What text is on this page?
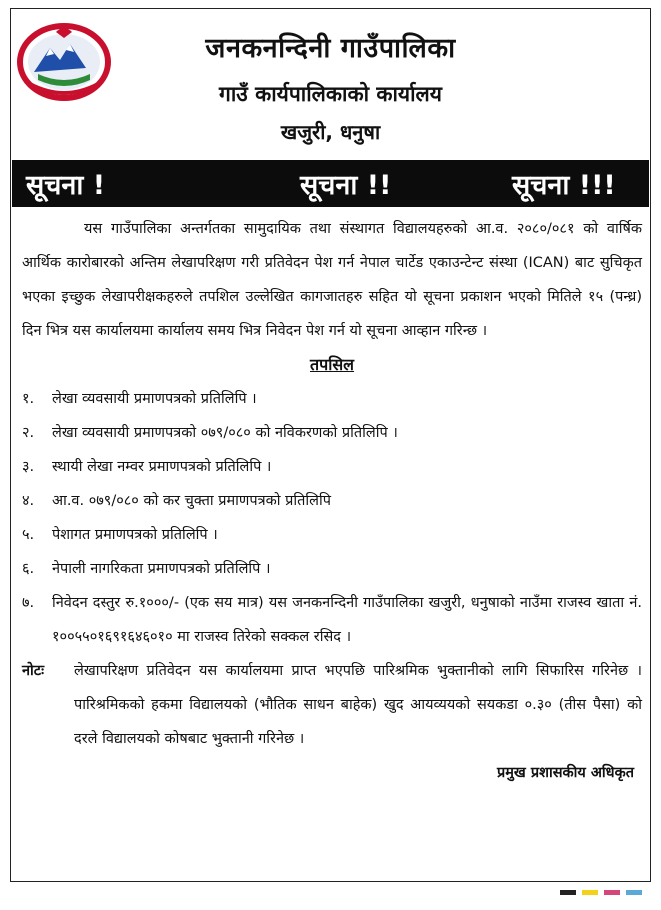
जनकनन्दिनी गाउँपालिका
गाउँ कार्यपालिकाको कार्यालय
खजुरी, धनुषा
सूचना !	सूचना !!	सूचना !!!

यस गाउँपालिका अन्तर्गतका सामुदायिक तथा संस्थागत विद्यालयहरुको आ.व. २०८०/०८१ को वार्षिक आर्थिक कारोबारको अन्तिम लेखापरिक्षण गरी प्रतिवेदन पेश गर्न नेपाल चार्टेड एकाउन्टेन्ट संस्था (ICAN) बाट सुचिकृत भएका इच्छुक लेखापरीक्षकहरुले तपशिल उल्लेखित कागजातहरु सहित यो सूचना प्रकाशन भएको मितिले १५ (पन्ध्र) दिन भित्र यस कार्यालयमा कार्यालय समय भित्र निवेदन पेश गर्न यो सूचना आव्हान गरिन्छ ।

तपसिल

१.	लेखा व्यवसायी प्रमाणपत्रको प्रतिलिपि ।
२.	लेखा व्यवसायी प्रमाणपत्रको ०७९/०८० को नविकरणको प्रतिलिपि ।
३.	स्थायी लेखा नम्वर प्रमाणपत्रको प्रतिलिपि ।
४.	आ.व. ०७९/०८० को कर चुक्ता प्रमाणपत्रको प्रतिलिपि
५.	पेशागत प्रमाणपत्रको प्रतिलिपि ।
६.	नेपाली नागरिकता प्रमाणपत्रको प्रतिलिपि ।
७.	निवेदन दस्तुर रु.१०००/- (एक सय मात्र) यस जनकनन्दिनी गाउँपालिका खजुरी, धनुषाको नाउँमा राजस्व खाता नं. १००५५०१६९१६४६०१० मा राजस्व तिरेको सक्कल रसिद ।
नोटः	लेखापरिक्षण प्रतिवेदन यस कार्यालयमा प्राप्त भएपछि पारिश्रमिक भुक्तानीको लागि सिफारिस गरिनेछ । पारिश्रमिकको हकमा विद्यालयको (भौतिक साधन बाहेक) खुद आयव्ययको सयकडा ०.३० (तीस पैसा) को दरले विद्यालयको कोषबाट भुक्तानी गरिनेछ ।

प्रमुख प्रशासकीय अधिकृत
